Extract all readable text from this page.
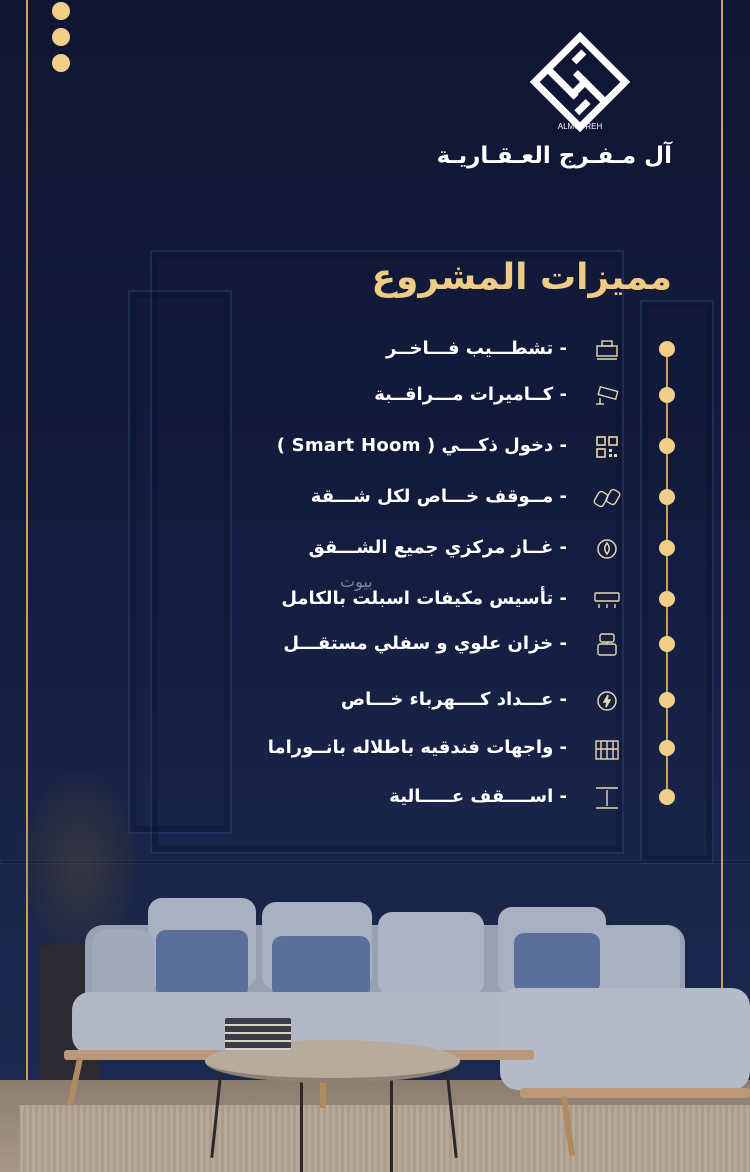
ALMOFREH
آل مـفـرج العـقـاريـة
مميزات المشروع
- تشطـــيب فـــاخــر
- كــاميرات مـــراقــبة
- دخول ذكـــي ( Smart Hoom )
- مــوقف خـــاص لكل شـــقة
- غــاز مركزي جميع الشـــقق
- تأسيس مكيفات اسبلت بالكامل
- خزان علوي و سفلي مستقـــل
- عـــداد كــــهرباء خـــاص
- واجهات فندقيه باطلاله بانــوراما
- اســــقف عـــــالية
بيوت
